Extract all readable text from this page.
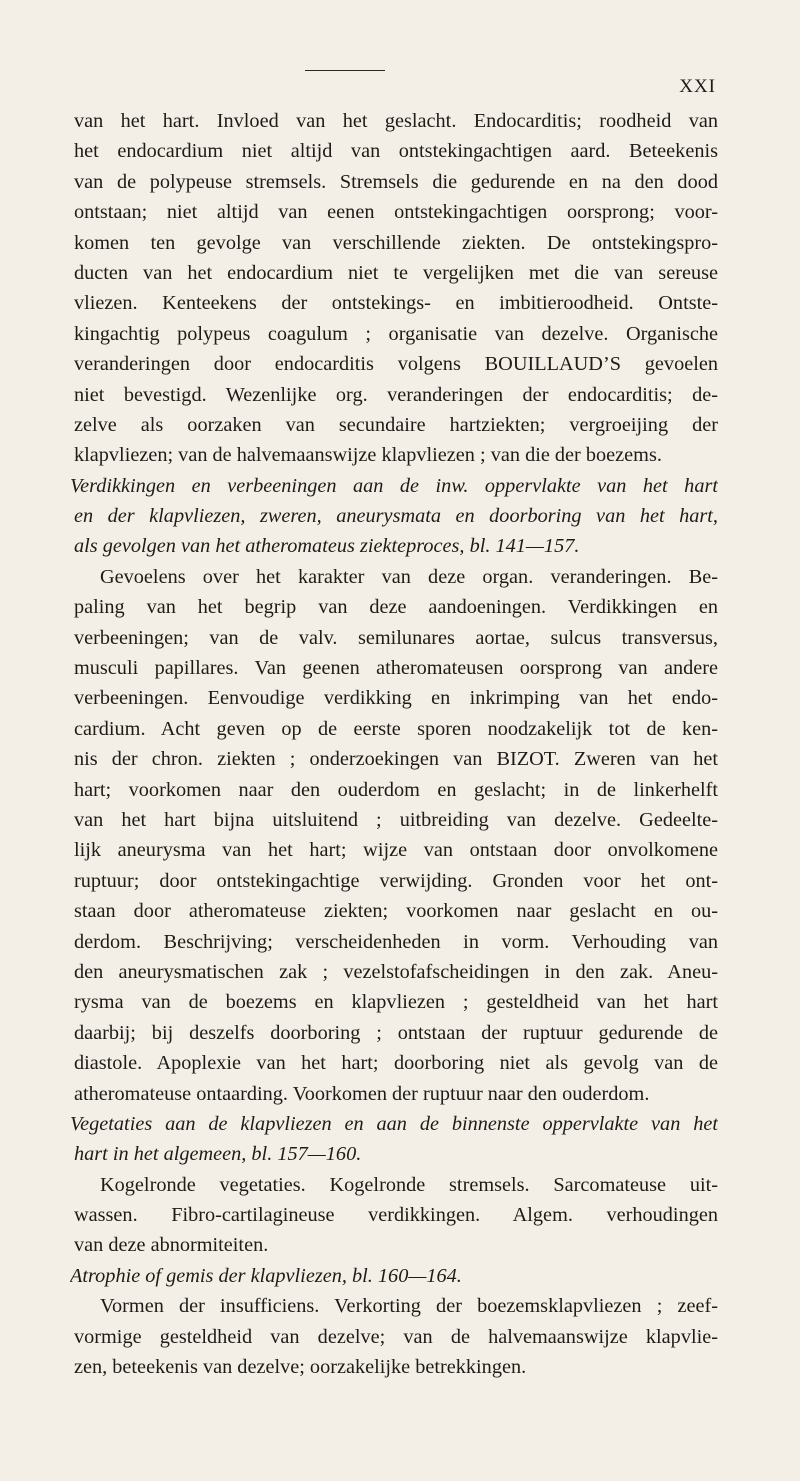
XXI
van het hart. Invloed van het geslacht. Endocarditis; roodheid van
het endocardium niet altijd van ontstekingachtigen aard. Beteekenis
van de polypeuse stremsels. Stremsels die gedurende en na den dood
ontstaan; niet altijd van eenen ontstekingachtigen oorsprong; voor-
komen ten gevolge van verschillende ziekten. De ontstekingspro-
ducten van het endocardium niet te vergelijken met die van sereuse
vliezen. Kenteekens der ontstekings- en imbitieroodheid. Ontste-
kingachtig polypeus coagulum ; organisatie van dezelve. Organische
veranderingen door endocarditis volgens BOUILLAUD’S gevoelen
niet bevestigd. Wezenlijke org. veranderingen der endocarditis; de-
zelve als oorzaken van secundaire hartziekten; vergroeijing der
klapvliezen; van de halvemaanswijze klapvliezen ; van die der boezems.
Verdikkingen en verbeeningen aan de inw. oppervlakte van het hart
en der klapvliezen, zweren, aneurysmata en doorboring van het hart,
als gevolgen van het atheromateus ziekteproces, bl. 141—157.
Gevoelens over het karakter van deze organ. veranderingen. Be-
paling van het begrip van deze aandoeningen. Verdikkingen en
verbeeningen; van de valv. semilunares aortae, sulcus transversus,
musculi papillares. Van geenen atheromateusen oorsprong van andere
verbeeningen. Eenvoudige verdikking en inkrimping van het endo-
cardium. Acht geven op de eerste sporen noodzakelijk tot de ken-
nis der chron. ziekten ; onderzoekingen van BIZOT. Zweren van het
hart; voorkomen naar den ouderdom en geslacht; in de linkerhelft
van het hart bijna uitsluitend ; uitbreiding van dezelve. Gedeelte-
lijk aneurysma van het hart; wijze van ontstaan door onvolkomene
ruptuur; door ontstekingachtige verwijding. Gronden voor het ont-
staan door atheromateuse ziekten; voorkomen naar geslacht en ou-
derdom. Beschrijving; verscheidenheden in vorm. Verhouding van
den aneurysmatischen zak ; vezelstofafscheidingen in den zak. Aneu-
rysma van de boezems en klapvliezen ; gesteldheid van het hart
daarbij; bij deszelfs doorboring ; ontstaan der ruptuur gedurende de
diastole. Apoplexie van het hart; doorboring niet als gevolg van de
atheromateuse ontaarding. Voorkomen der ruptuur naar den ouderdom.
Vegetaties aan de klapvliezen en aan de binnenste oppervlakte van het
hart in het algemeen, bl. 157—160.
Kogelronde vegetaties. Kogelronde stremsels. Sarcomateuse uit-
wassen. Fibro-cartilagineuse verdikkingen. Algem. verhoudingen
van deze abnormiteiten.
Atrophie of gemis der klapvliezen, bl. 160—164.
Vormen der insufficiens. Verkorting der boezemsklapvliezen ; zeef-
vormige gesteldheid van dezelve; van de halvemaanswijze klapvlie-
zen, beteekenis van dezelve; oorzakelijke betrekkingen.
